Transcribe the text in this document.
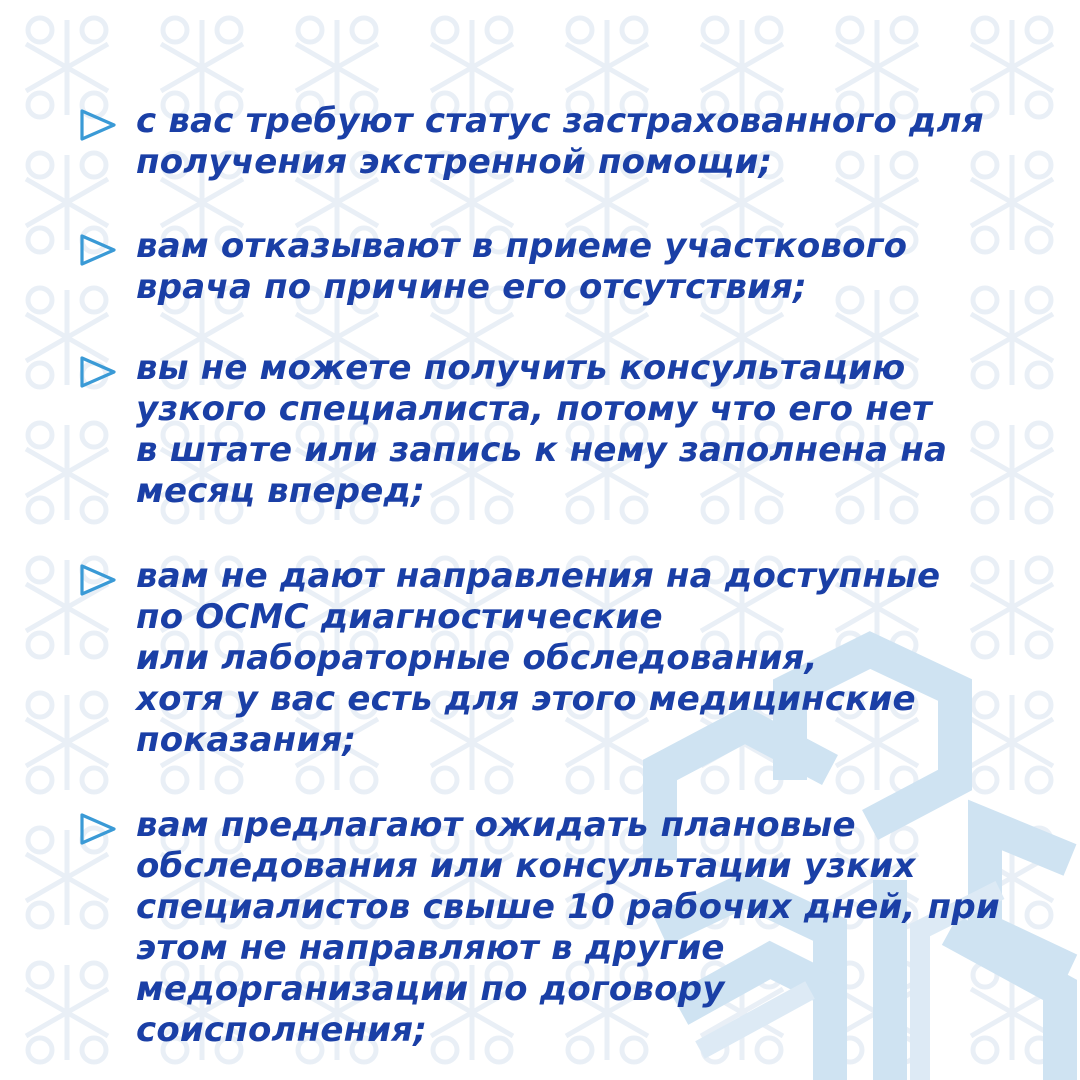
с вас требуют статус застрахованного для
получения экстренной помощи;

вам отказывают в приеме участкового
врача по причине его отсутствия;

вы не можете получить консультацию
узкого специалиста, потому что его нет
в штате или запись к нему заполнена на
месяц вперед;

вам не дают направления на доступные
по ОСМС диагностические
или лабораторные обследования,
хотя у вас есть для этого медицинские
показания;

вам предлагают ожидать плановые
обследования или консультации узких
специалистов свыше 10 рабочих дней, при
этом не направляют в другие
медорганизации по договору
соисполнения;
